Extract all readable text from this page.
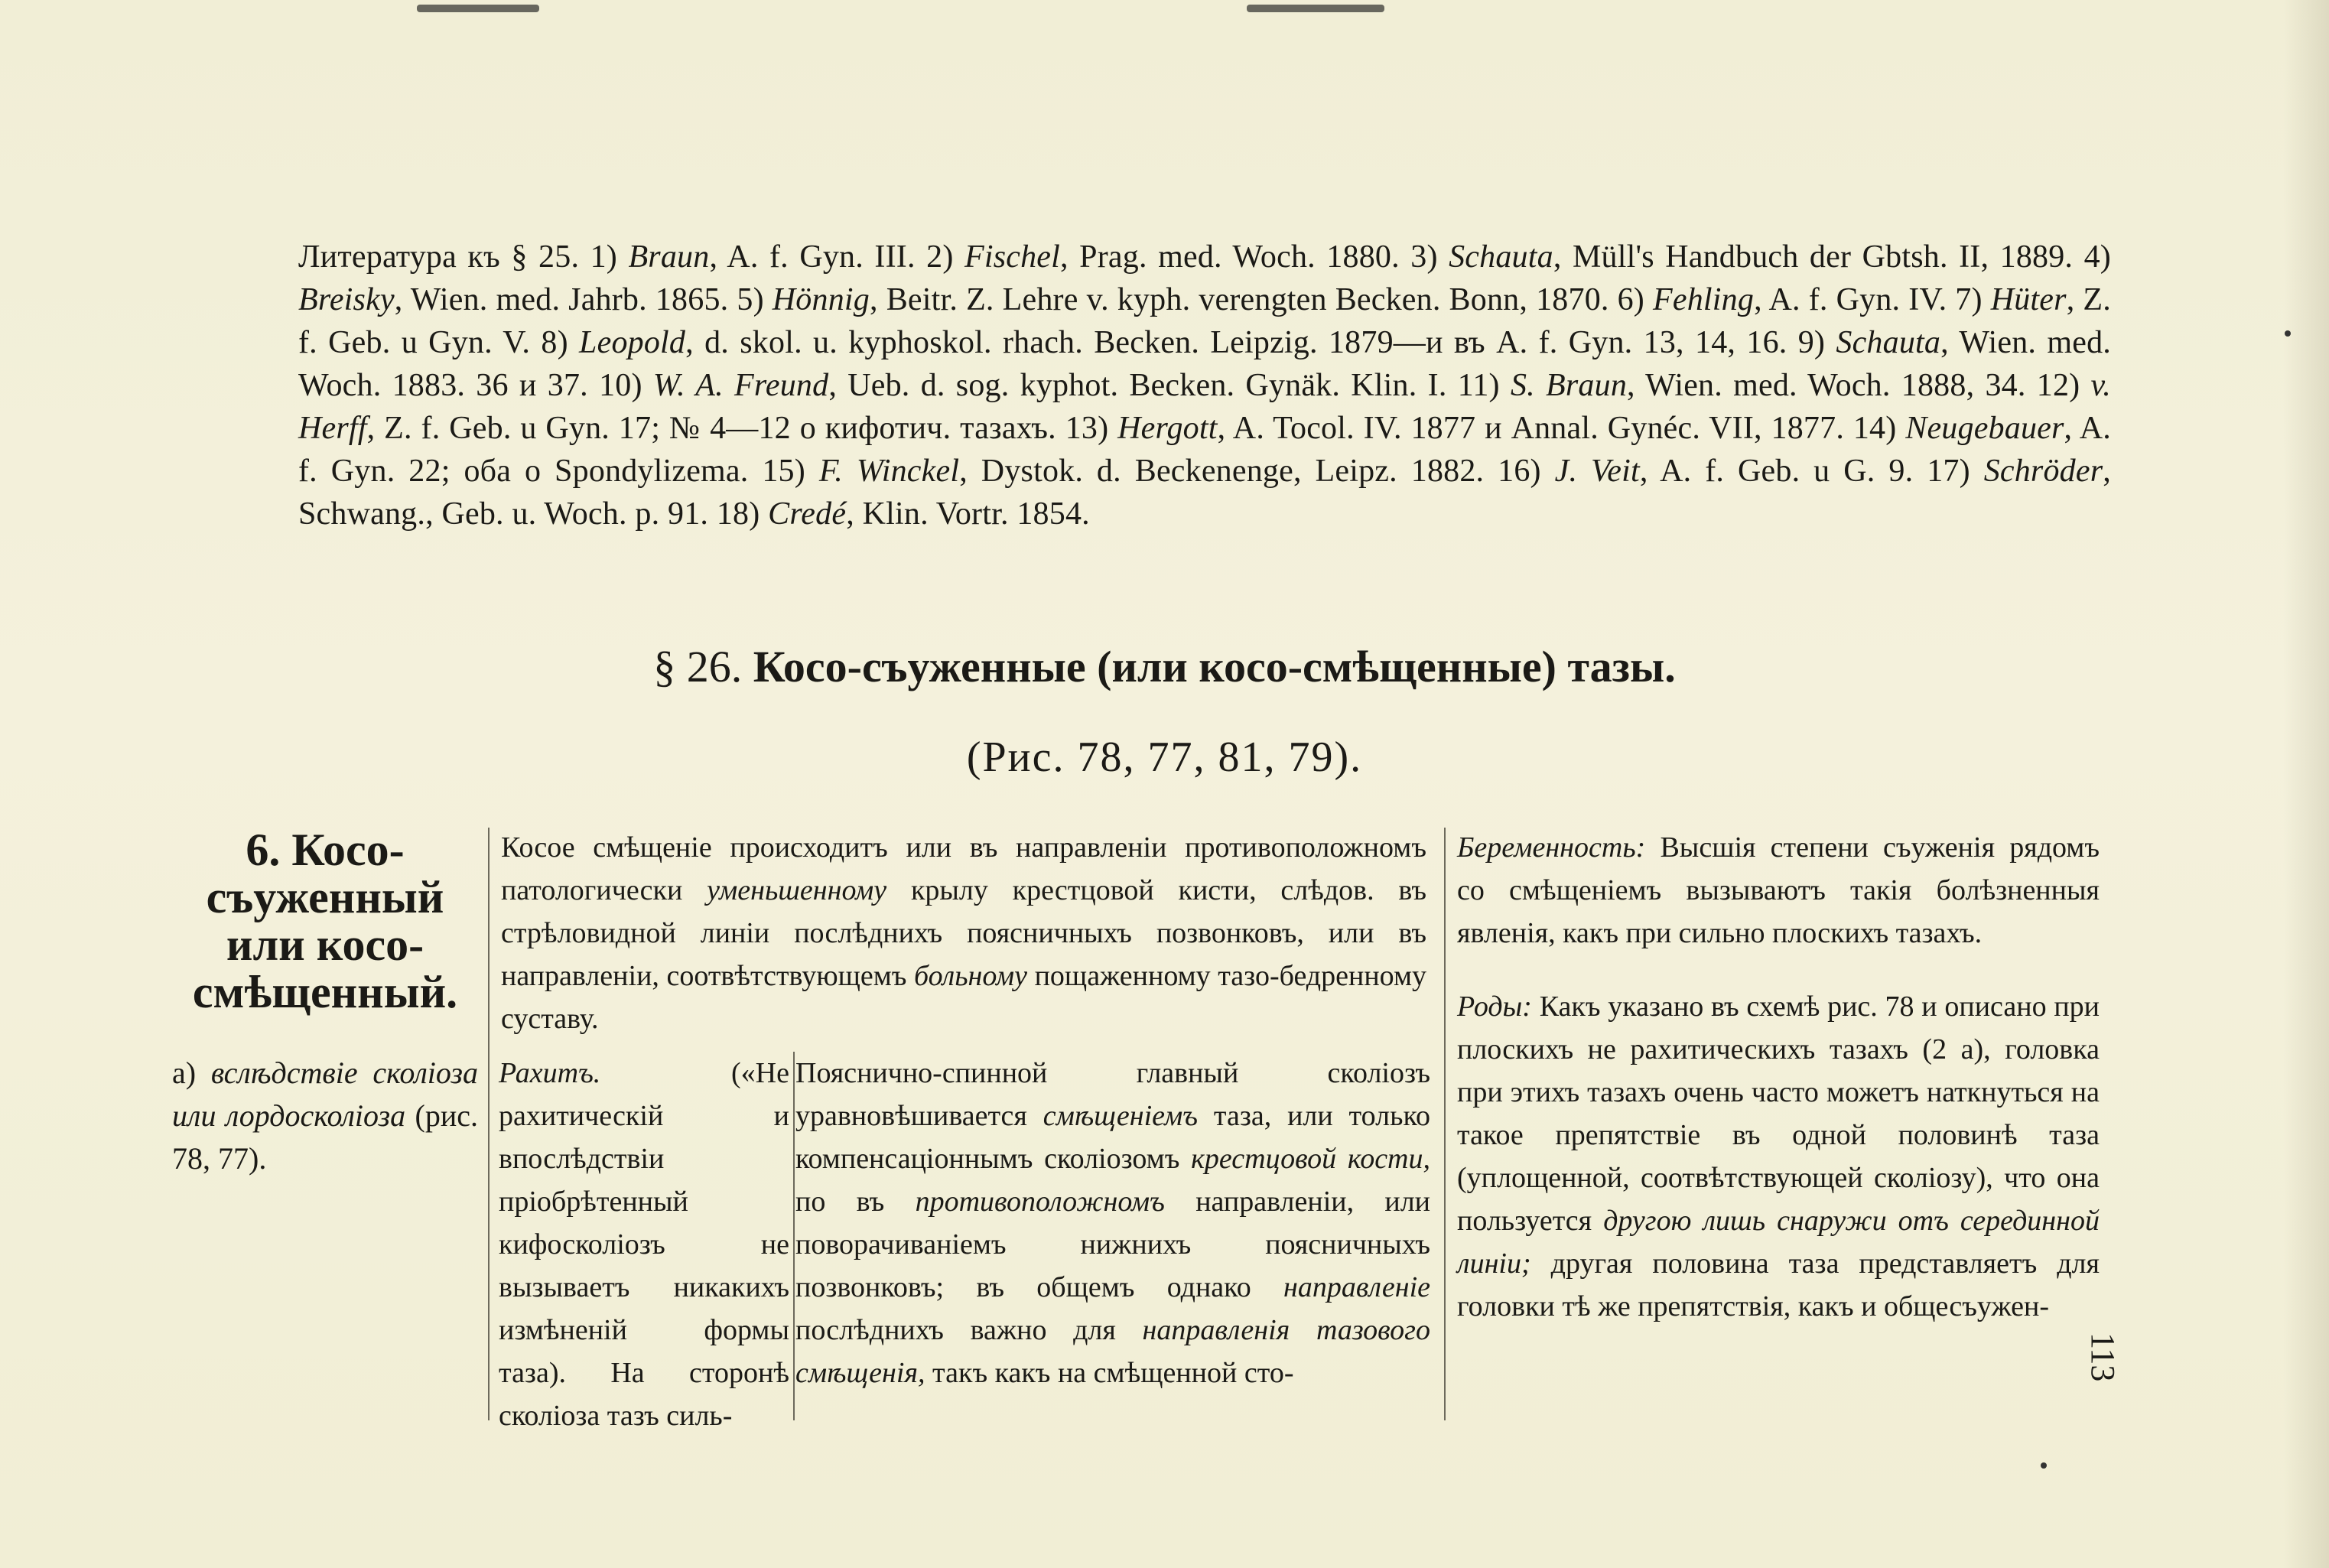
Литература къ § 25. 1) Braun, A. f. Gyn. III. 2) Fischel, Prag. med. Woch. 1880. 3) Schauta, Müll's Handbuch der Gbtsh. II, 1889. 4) Breisky, Wien. med. Jahrb. 1865. 5) Hönnig, Beitr. Z. Lehre v. kyph. verengten Becken. Bonn, 1870. 6) Fehling, A. f. Gyn. IV. 7) Hüter, Z. f. Geb. u Gyn. V. 8) Leopold, d. skol. u. kyphoskol. rhach. Becken. Leipzig. 1879—и въ A. f. Gyn. 13, 14, 16. 9) Schauta, Wien. med. Woch. 1883. 36 и 37. 10) W. A. Freund, Ueb. d. sog. kyphot. Becken. Gynäk. Klin. I. 11) S. Braun, Wien. med. Woch. 1888, 34. 12) v. Herff, Z. f. Geb. u Gyn. 17; № 4—12 о кифотич. тазахъ. 13) Hergott, A. Tocol. IV. 1877 и Annal. Gynéc. VII, 1877. 14) Neugebauer, A. f. Gyn. 22; оба о Spondylizema. 15) F. Winckel, Dystok. d. Beckenenge, Leipz. 1882. 16) J. Veit, A. f. Geb. u G. 9. 17) Schröder, Schwang., Geb. u. Woch. p. 91. 18) Credé, Klin. Vortr. 1854.

§ 26. Косо-съуженные (или косо-смѣщенные) тазы.

(Рис. 78, 77, 81, 79).

6. Косо-съуженный или косо-смѣщенный.

а) вслѣдствіе сколіоза или лордосколіоза (рис. 78, 77).

Косое смѣщеніе происходитъ или въ направленіи противоположномъ патологически уменьшенному крылу крестцовой кисти, слѣдов. въ стрѣловидной линіи послѣднихъ поясничныхъ позвонковъ, или въ направленіи, соотвѣтствующемъ больному пощаженному тазо-бедренному суставу.

Рахитъ.	(«Не рахитическій и впослѣдствіи пріобрѣтенный кифосколіозъ не вызываетъ никакихъ измѣненій формы таза). На сторонѣ сколіоза тазъ силь-

Пояснично-спинной главный сколіозъ уравновѣшивается смѣщеніемъ таза, или только компенсаціоннымъ сколіозомъ крестцовой кости, по въ противоположномъ направленіи, или поворачиваніемъ нижнихъ поясничныхъ позвонковъ; въ общемъ однако направленіе послѣднихъ важно для направленія тазового смѣщенія, такъ какъ на смѣщенной сто-

Беременность: Высшія степени съуженія рядомъ со смѣщеніемъ вызываютъ такія болѣзненныя явленія, какъ при сильно плоскихъ тазахъ.

Роды: Какъ указано въ схемѣ рис. 78 и описано при плоскихъ не рахитическихъ тазахъ (2 а), головка при этихъ тазахъ очень часто можетъ наткнуться на такое препятствіе въ одной половинѣ таза (уплощенной, соотвѣтствующей сколіозу), что она пользуется другою лишь снаружи отъ серединной линіи; другая половина таза представляетъ для головки тѣ же препятствія, какъ и общесъужен-

113
